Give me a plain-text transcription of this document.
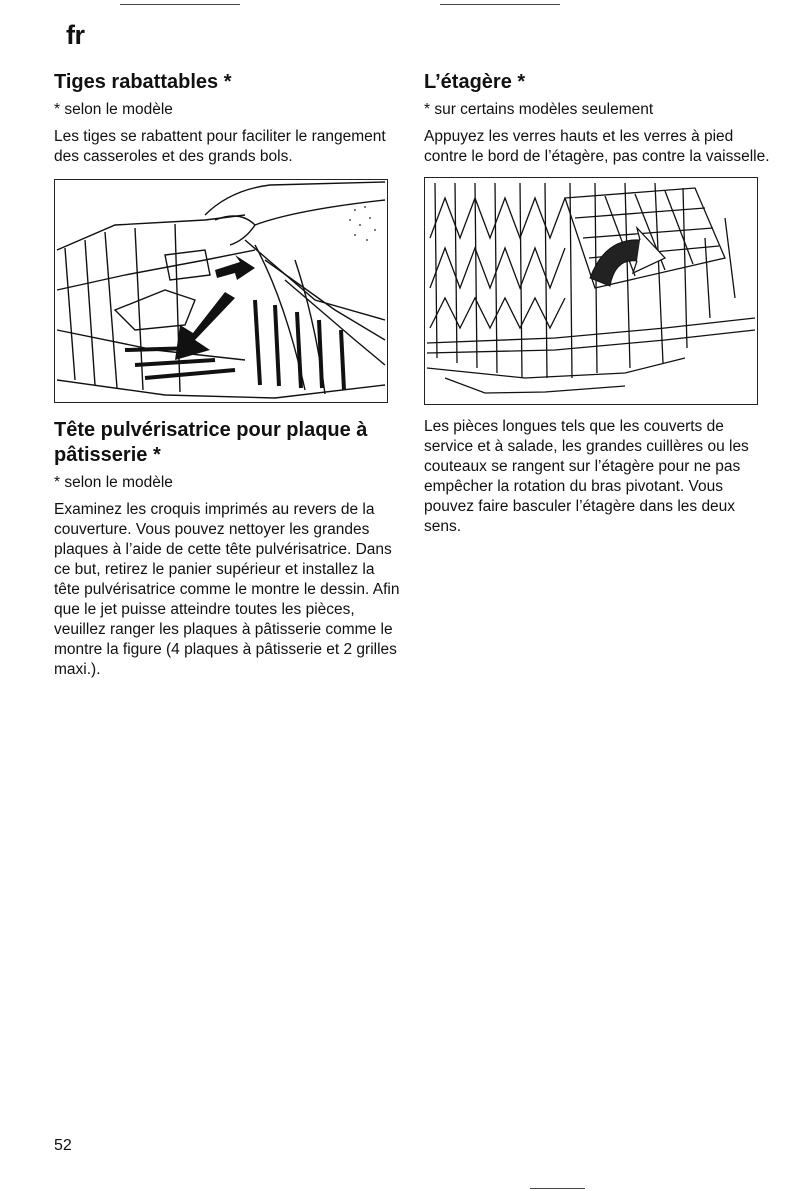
fr
Tiges rabattables *
* selon le modèle

Les tiges se rabattent pour faciliter le rangement des casseroles et des grands bols.

Tête pulvérisatrice pour plaque à pâtisserie *
* selon le modèle

Examinez les croquis imprimés au revers de la couverture. Vous pouvez nettoyer les grandes plaques à l’aide de cette tête pulvérisatrice. Dans ce but, retirez le panier supérieur et installez la tête pulvérisatrice comme le montre le dessin. Afin que le jet puisse atteindre toutes les pièces, veuillez ranger les plaques à pâtisserie comme le montre la figure (4 plaques à pâtisserie et 2 grilles maxi.).

L’étagère *
* sur certains modèles seulement

Appuyez les verres hauts et les verres à pied contre le bord de l’étagère, pas contre la vaisselle.

Les pièces longues tels que les couverts de service et à salade, les grandes cuillères ou les couteaux se rangent sur l’étagère pour ne pas empêcher la rotation du bras pivotant. Vous pouvez faire basculer l’étagère dans les deux sens.

52
